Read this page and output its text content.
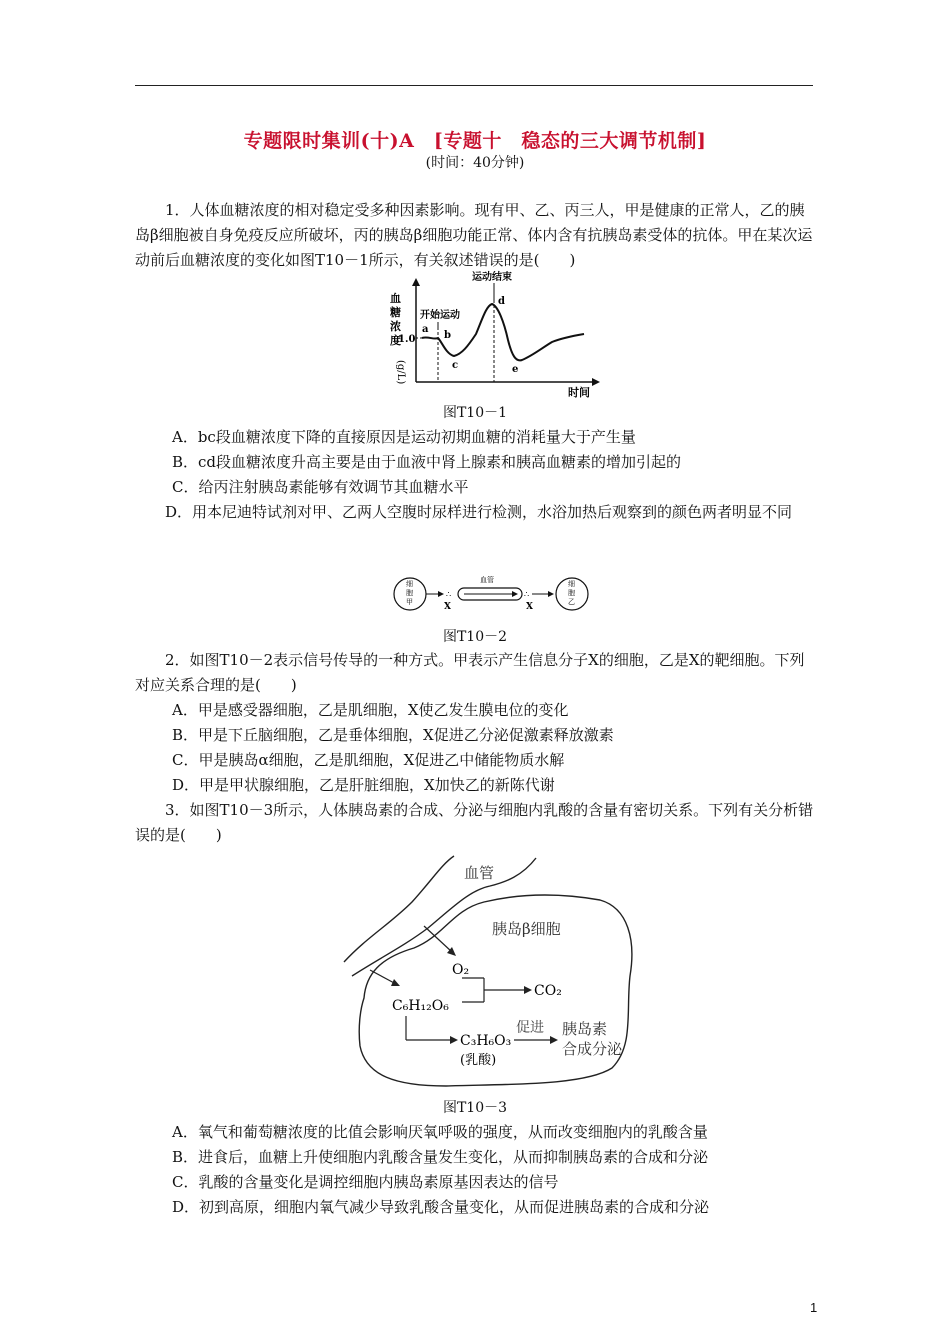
专题限时集训(十)A　[专题十　稳态的三大调节机制]
(时间：40分钟)

1．人体血糖浓度的相对稳定受多种因素影响。现有甲、乙、丙三人，甲是健康的正常人，乙的胰岛β细胞被自身免疫反应所破坏，丙的胰岛β细胞功能正常、体内含有抗胰岛素受体的抗体。甲在某次运动前后血糖浓度的变化如图T10－1所示，有关叙述错误的是(　　)

血
糖
浓
度
(g/L)
1.0
a
b
c
d
e
开始运动
运动结束
时间
图T10－1

A．bc段血糖浓度下降的直接原因是运动初期血糖的消耗量大于产生量

B．cd段血糖浓度升高主要是由于血液中肾上腺素和胰高血糖素的增加引起的

C．给丙注射胰岛素能够有效调节其血糖水平

D．用本尼迪特试剂对甲、乙两人空腹时尿样进行检测，水浴加热后观察到的颜色两者明显不同

细
胞
甲
∴
X
血管
∴
X
细
胞
乙
图T10－2

2．如图T10－2表示信号传导的一种方式。甲表示产生信息分子X的细胞，乙是X的靶细胞。下列对应关系合理的是(　　)

A．甲是感受器细胞，乙是肌细胞，X使乙发生膜电位的变化

B．甲是下丘脑细胞，乙是垂体细胞，X促进乙分泌促激素释放激素

C．甲是胰岛α细胞，乙是肌细胞，X促进乙中储能物质水解

D．甲是甲状腺细胞，乙是肝脏细胞，X加快乙的新陈代谢

3．如图T10－3所示，人体胰岛素的合成、分泌与细胞内乳酸的含量有密切关系。下列有关分析错误的是(　　)

血管
胰岛β细胞
O₂
C₆H₁₂O₆
CO₂
C₃H₆O₃
(乳酸)
促进 胰岛素
合成分泌
图T10－3

A．氧气和葡萄糖浓度的比值会影响厌氧呼吸的强度，从而改变细胞内的乳酸含量

B．进食后，血糖上升使细胞内乳酸含量发生变化，从而抑制胰岛素的合成和分泌

C．乳酸的含量变化是调控细胞内胰岛素原基因表达的信号

D．初到高原，细胞内氧气减少导致乳酸含量变化，从而促进胰岛素的合成和分泌

1
